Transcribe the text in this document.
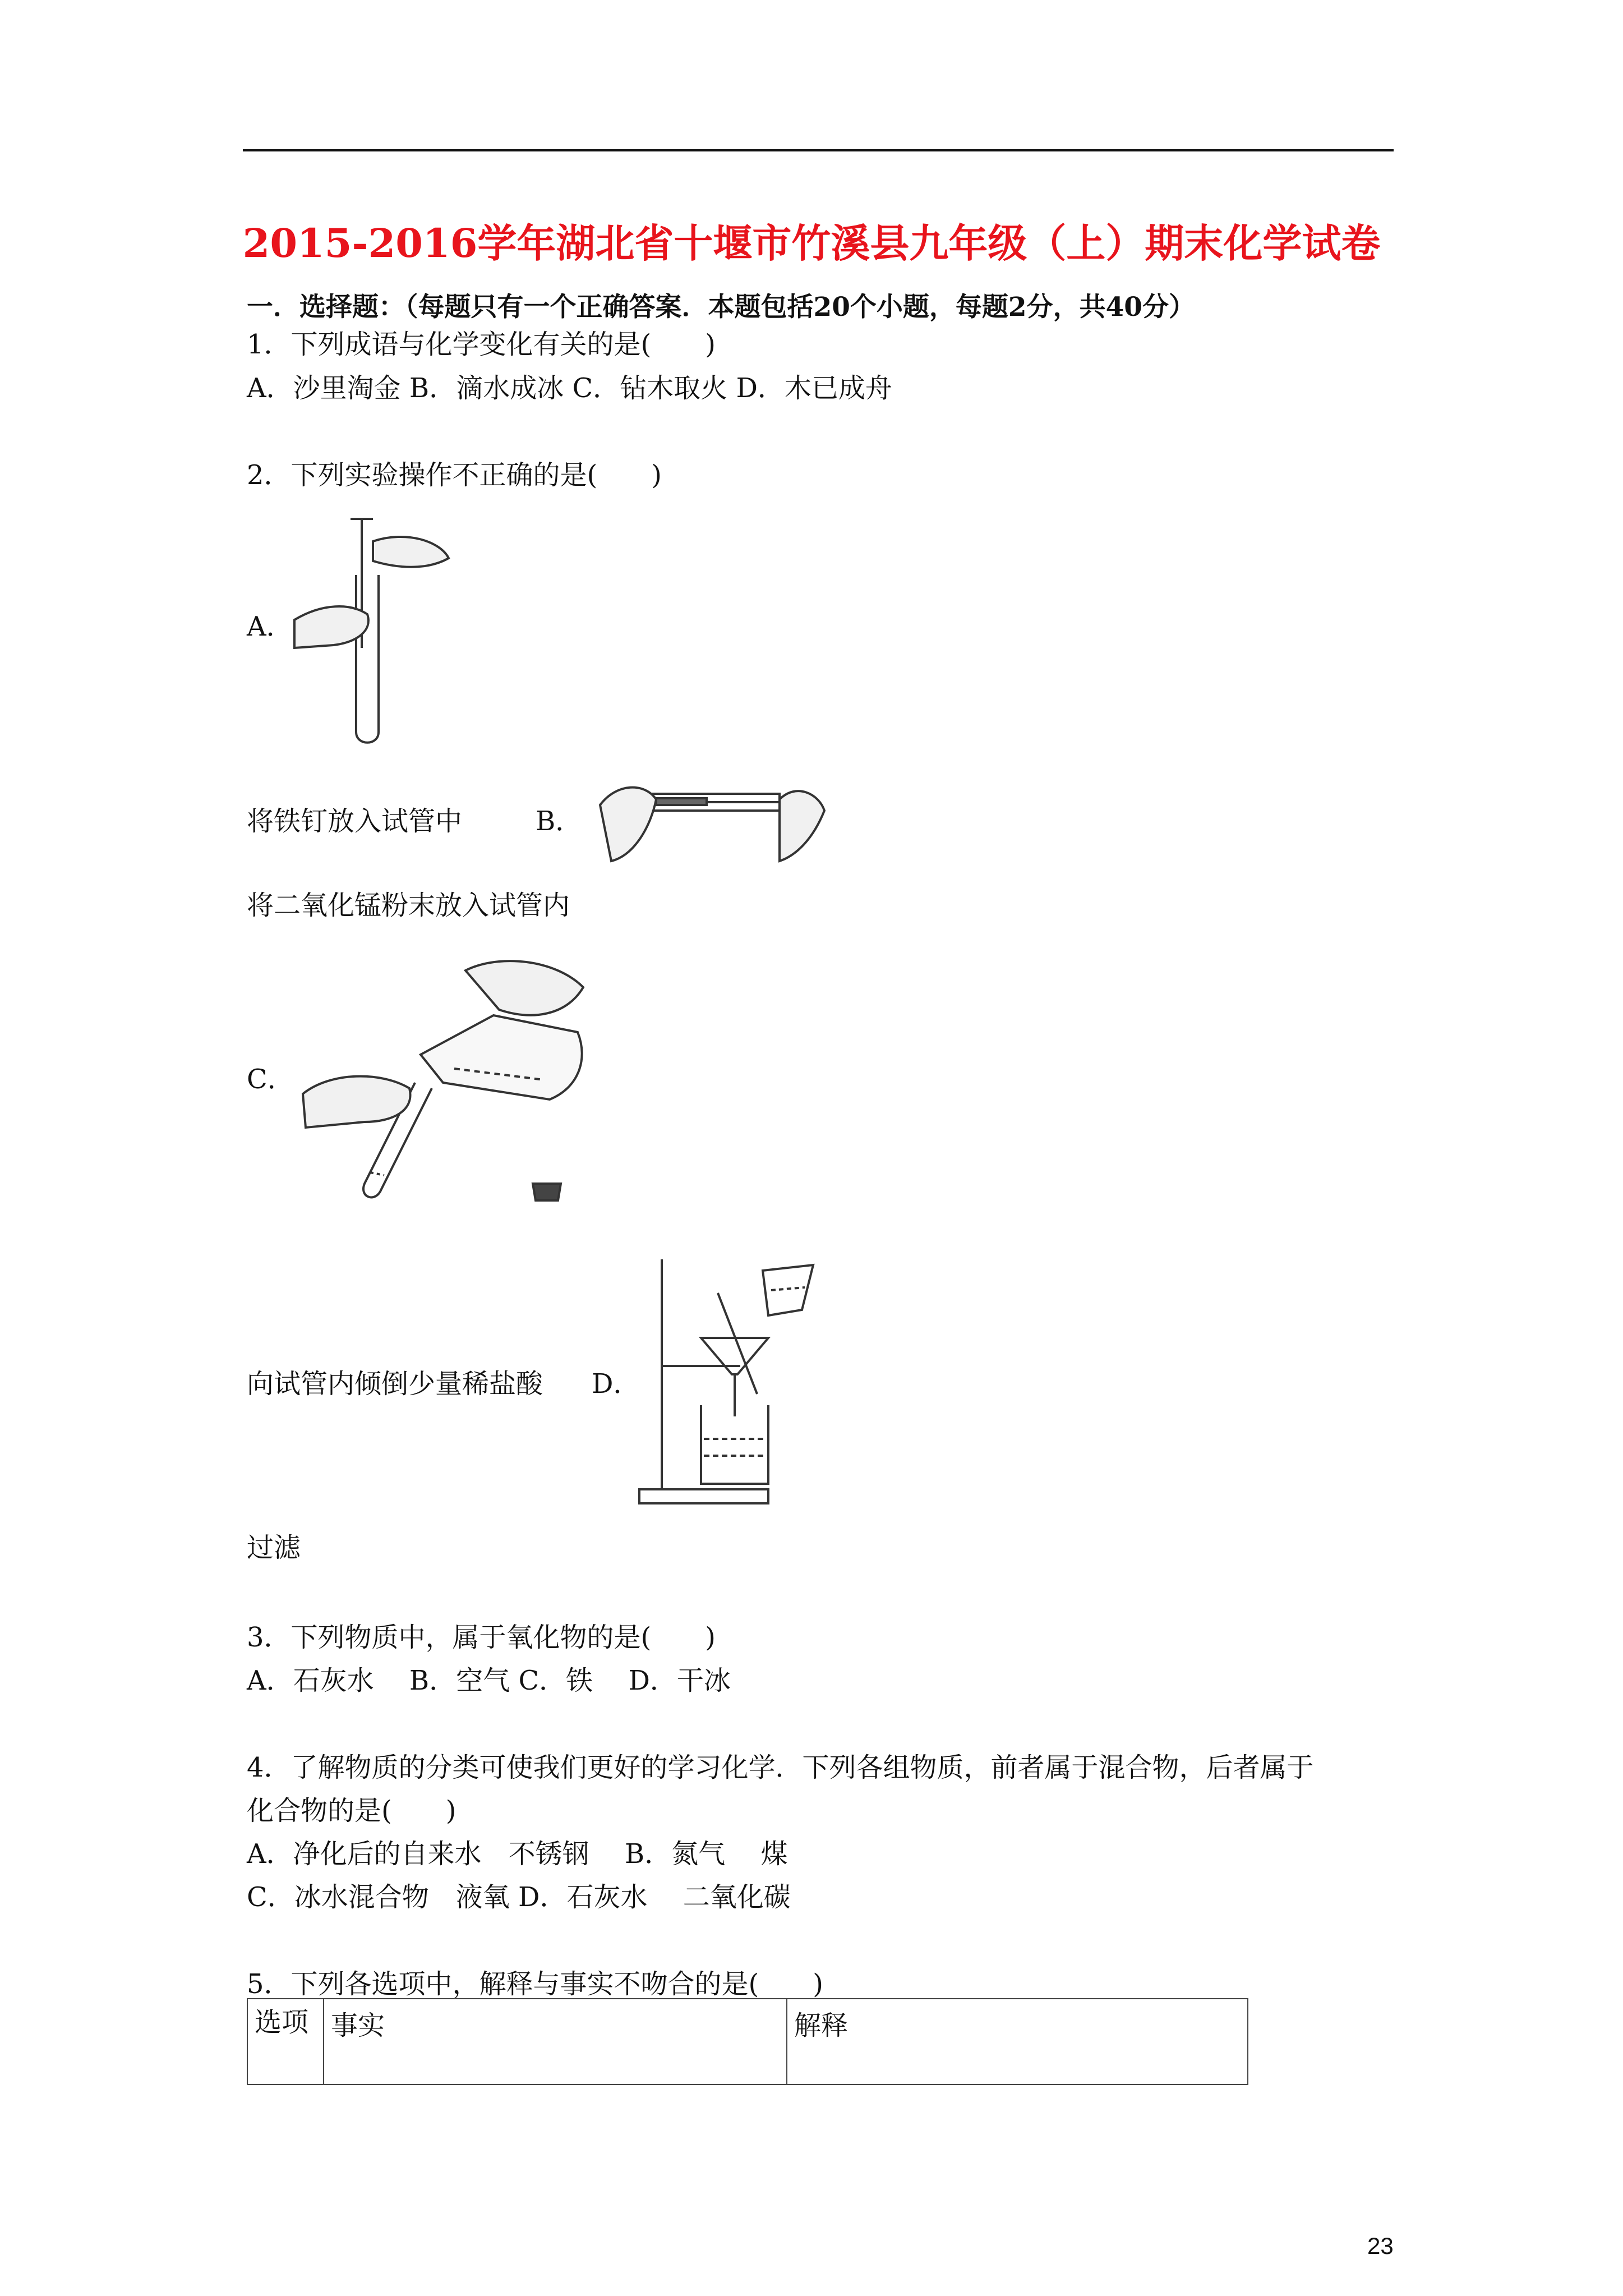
2015-2016学年湖北省十堰市竹溪县九年级（上）期末化学试卷
一．选择题：（每题只有一个正确答案．本题包括20个小题，每题2分，共40分）
1．下列成语与化学变化有关的是(　　)
A．沙里淘金 B．滴水成冰 C．钻木取火 D．木已成舟
2．下列实验操作不正确的是(　　)
A．
将铁钉放入试管中	B．
将二氧化锰粉末放入试管内
C．
向试管内倾倒少量稀盐酸 D．
过滤
3．下列物质中，属于氧化物的是(　　)
A．石灰水　 B．空气 C．铁　 D．干冰
4．了解物质的分类可使我们更好的学习化学．下列各组物质，前者属于混合物，后者属于
化合物的是(　　)
A．净化后的自来水　不锈钢　 B．氮气　 煤
C．冰水混合物　液氧 D．石灰水　 二氧化碳
5．下列各选项中，解释与事实不吻合的是(　　)
选项	事实	解释
23
